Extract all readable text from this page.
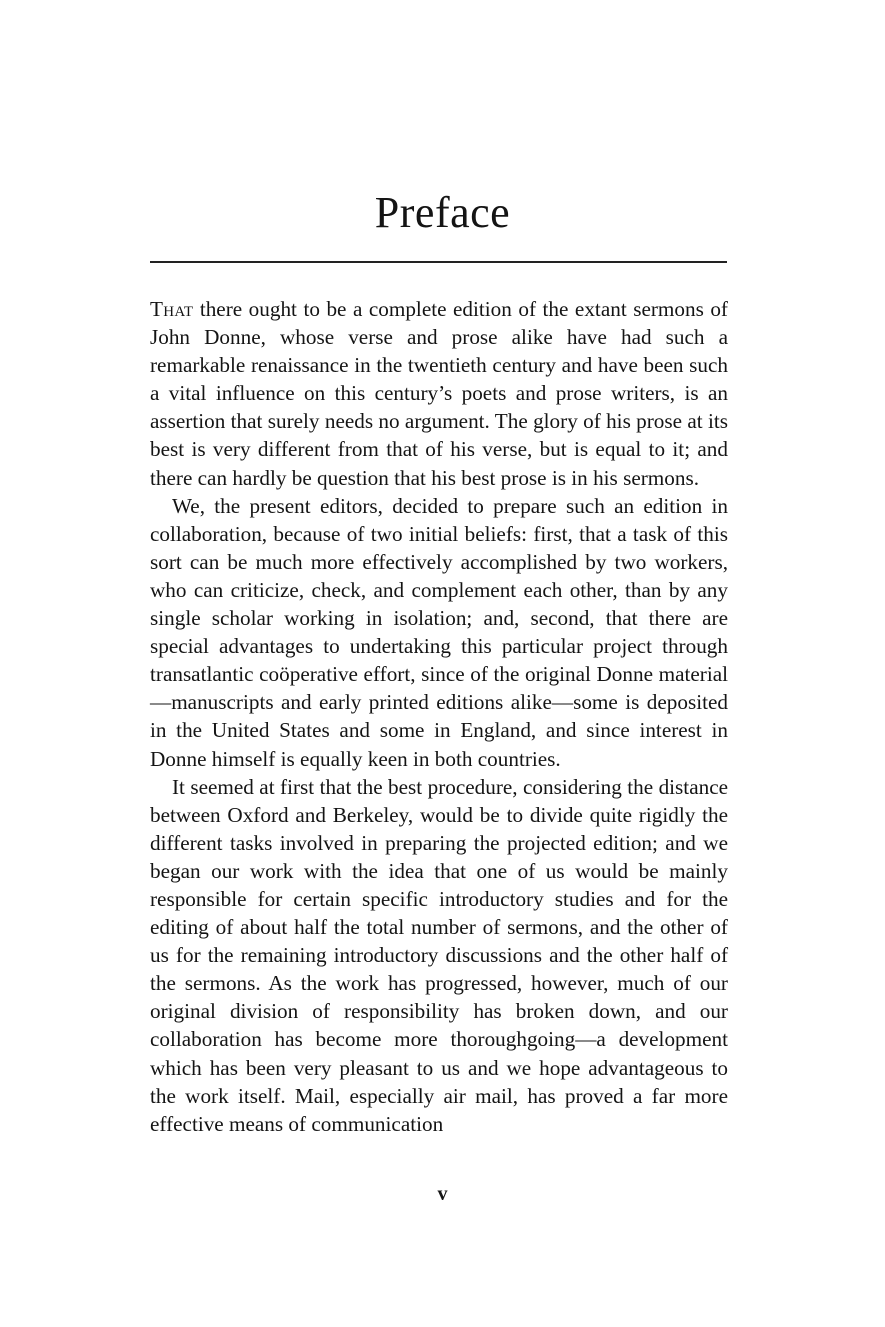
Preface

That there ought to be a complete edition of the extant sermons of John Donne, whose verse and prose alike have had such a remarkable renaissance in the twentieth century and have been such a vital influence on this century’s poets and prose writers, is an assertion that surely needs no argument. The glory of his prose at its best is very different from that of his verse, but is equal to it; and there can hardly be question that his best prose is in his sermons.

We, the present editors, decided to prepare such an edition in collaboration, because of two initial beliefs: first, that a task of this sort can be much more effectively accomplished by two workers, who can criticize, check, and complement each other, than by any single scholar working in isolation; and, second, that there are special advantages to undertaking this particular project through transatlantic coöperative effort, since of the original Donne material—manuscripts and early printed editions alike—some is deposited in the United States and some in England, and since interest in Donne himself is equally keen in both countries.

It seemed at first that the best procedure, considering the distance between Oxford and Berkeley, would be to divide quite rigidly the different tasks involved in preparing the projected edition; and we began our work with the idea that one of us would be mainly responsible for certain specific introductory studies and for the editing of about half the total number of sermons, and the other of us for the remaining introductory discussions and the other half of the sermons. As the work has progressed, however, much of our original division of responsibility has broken down, and our collaboration has become more thoroughgoing—a development which has been very pleasant to us and we hope advantageous to the work itself. Mail, especially air mail, has proved a far more effective means of communication

v
